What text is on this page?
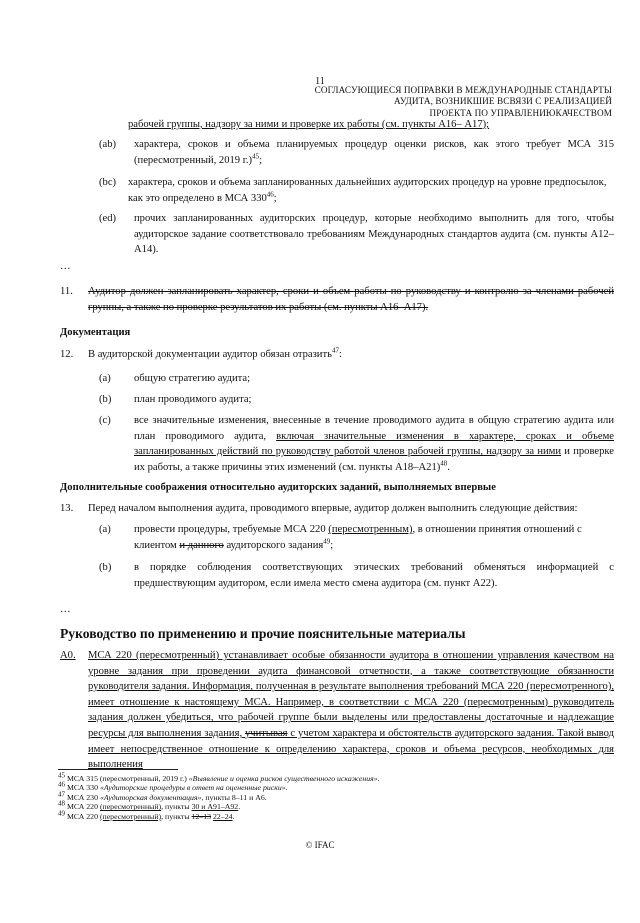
11
СОГЛАСУЮЩИЕСЯ ПОПРАВКИ В МЕЖДУНАРОДНЫЕ СТАНДАРТЫ
АУДИТА, ВОЗНИКШИЕ ВСВЯЗИ С РЕАЛИЗАЦИЕЙ
ПРОЕКТА ПО УПРАВЛЕНИЮКАЧЕСТВОМ
рабочей группы, надзору за ними и проверке их работы (см. пункты А16– А17);
(ab) характера, сроков и объема планируемых процедур оценки рисков, как этого требует МСА 315 (пересмотренный, 2019 г.)$^{45}$;
(bc) характера, сроков и объема запланированных дальнейших аудиторских процедур на уровне предпосылок, как это определено в МСА $330^{46}$;
(ed) прочих запланированных аудиторских процедур, которые необходимо выполнить для того, чтобы аудиторское задание соответствовало требованиям Международных стандартов аудита (см. пункты А12–А14).
…
11. Аудитор должен запланировать характер, сроки и объем работы по руководству и контролю за членами рабочей группы, а также по проверке результатов их работы (см. пункты А16–А17).
Документация
12. В аудиторской документации аудитор обязан отразить$^{47}$:
(a) общую стратегию аудита;
(b) план проводимого аудита;
(c) все значительные изменения, внесенные в течение проводимого аудита в общую стратегию аудита или план проводимого аудита, включая значительные изменения в характере, сроках и объеме запланированных действий по руководству работой членов рабочей группы, надзору за ними и проверке их работы, а также причины этих изменений (см. пункты А18–А21)$^{48}$.
Дополнительные соображения относительно аудиторских заданий, выполняемых впервые
13. Перед началом выполнения аудита, проводимого впервые, аудитор должен выполнить следующие действия:
(a) провести процедуры, требуемые МСА 220 (пересмотренным), в отношении принятия отношений с клиентом и данного аудиторского задания$^{49}$;
(b) в порядке соблюдения соответствующих этических требований обменяться информацией с предшествующим аудитором, если имела место смена аудитора (см. пункт А22).
…
Руководство по применению и прочие пояснительные материалы
A0. МСА 220 (пересмотренный) устанавливает особые обязанности аудитора в отношении управления качеством на уровне задания при проведении аудита финансовой отчетности, а также соответствующие обязанности руководителя задания. Информация, полученная в результате выполнения требований МСА 220 (пересмотренного), имеет отношение к настоящему МСА. Например, в соответствии с МСА 220 (пересмотренным) руководитель задания должен убедиться, что рабочей группе были выделены или предоставлены достаточные и надлежащие ресурсы для выполнения задания, учитывая с учетом характера и обстоятельств аудиторского задания. Такой вывод имеет непосредственное отношение к определению характера, сроков и объема ресурсов, необходимых для выполнения
45 МСА 315 (пересмотренный, 2019 г.) «Выявление и оценка рисков существенного искажения».
46 МСА 330 «Аудиторские процедуры в ответ на оцененные риски».
47 МСА 230 «Аудиторская документация», пункты 8–11 и А6.
48 МСА 220 (пересмотренный), пункты 30 и А91–А92.
49 МСА 220 (пересмотренный), пункты 12–13 22–24.
© IFAC
